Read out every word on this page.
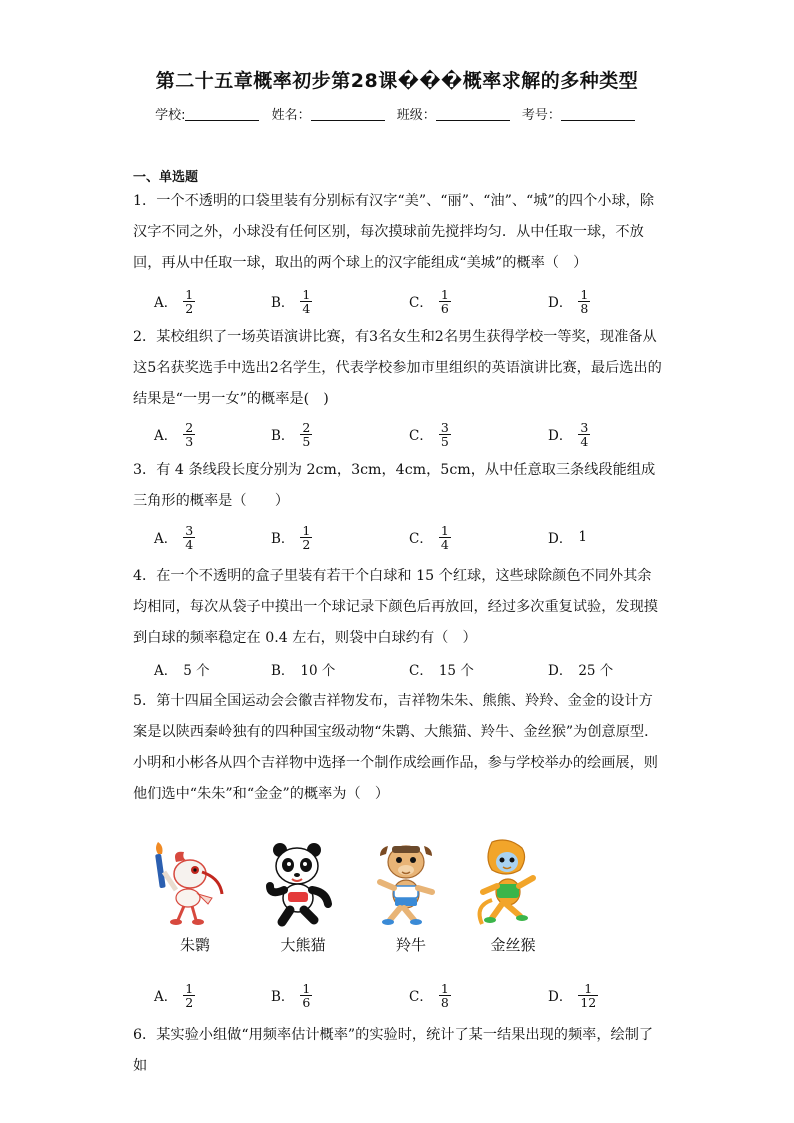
第二十五章概率初步第28课���概率求解的多种类型
学校:	姓名：	班级：	考号：
一、单选题
1．一个不透明的口袋里装有分别标有汉字“美”、“丽”、“油”、“城”的四个小球，除汉字不同之外，小球没有任何区别，每次摸球前先搅拌均匀．从中任取一球，不放回，再从中任取一球，取出的两个球上的汉字能组成“美城”的概率（　）
A． $\frac{1}{2}$	B． $\frac{1}{4}$	C． $\frac{1}{6}$	D． $\frac{1}{8}$
2．某校组织了一场英语演讲比赛，有3名女生和2名男生获得学校一等奖，现准备从这5名获奖选手中选出2名学生，代表学校参加市里组织的英语演讲比赛，最后选出的结果是“一男一女”的概率是(　)
A． $\frac{2}{3}$	B． $\frac{2}{5}$	C． $\frac{3}{5}$	D． $\frac{3}{4}$
3．有 4 条线段长度分别为 2cm，3cm，4cm，5cm，从中任意取三条线段能组成三角形的概率是（　　）
A． $\frac{3}{4}$	B． $\frac{1}{2}$	C． $\frac{1}{4}$	D． 1
4．在一个不透明的盒子里装有若干个白球和 15 个红球，这些球除颜色不同外其余均相同，每次从袋子中摸出一个球记录下颜色后再放回，经过多次重复试验，发现摸到白球的频率稳定在 0.4 左右，则袋中白球约有（　）
A． 5 个	B． 10 个	C． 15 个	D． 25 个
5．第十四届全国运动会会徽吉祥物发布，吉祥物朱朱、熊熊、羚羚、金金的设计方案是以陕西秦岭独有的四种国宝级动物“朱鹮、大熊猫、羚牛、金丝猴”为创意原型．小明和小彬各从四个吉祥物中选择一个制作成绘画作品，参与学校举办的绘画展，则他们选中“朱朱”和“金金”的概率为（　）
朱鹮	大熊猫	羚牛	金丝猴
A． $\frac{1}{2}$	B． $\frac{1}{6}$	C． $\frac{1}{8}$	D． $\frac{1}{12}$
6．某实验小组做“用频率估计概率”的实验时，统计了某一结果出现的频率，绘制了如
